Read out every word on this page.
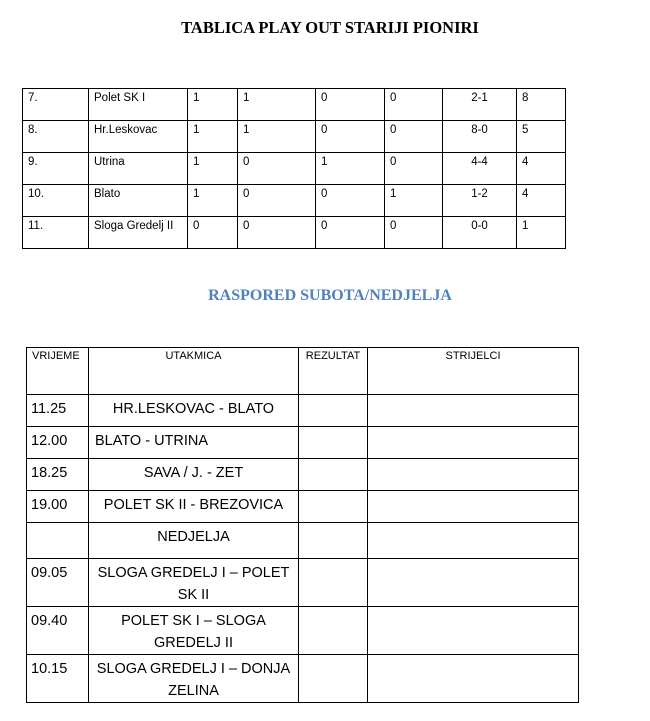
TABLICA PLAY OUT STARIJI PIONIRI
7.	Polet SK I	1	1	0	0	2-1	8
8.	Hr.Leskovac	1	1	0	0	8-0	5
9.	Utrina	1	0	1	0	4-4	4
10.	Blato	1	0	0	1	1-2	4
11.	Sloga Gredelj II	0	0	0	0	0-0	1
RASPORED SUBOTA/NEDJELJA
VRIJEME	UTAKMICA	REZULTAT	STRIJELCI
11.25	HR.LESKOVAC - BLATO		
12.00	BLATO - UTRINA		
18.25	SAVA / J. - ZET		
19.00	POLET SK II - BREZOVICA		
	NEDJELJA		
09.05	SLOGA GREDELJ I – POLET SK II		
09.40	POLET SK I – SLOGA GREDELJ II		
10.15	SLOGA GREDELJ I – DONJA ZELINA		
